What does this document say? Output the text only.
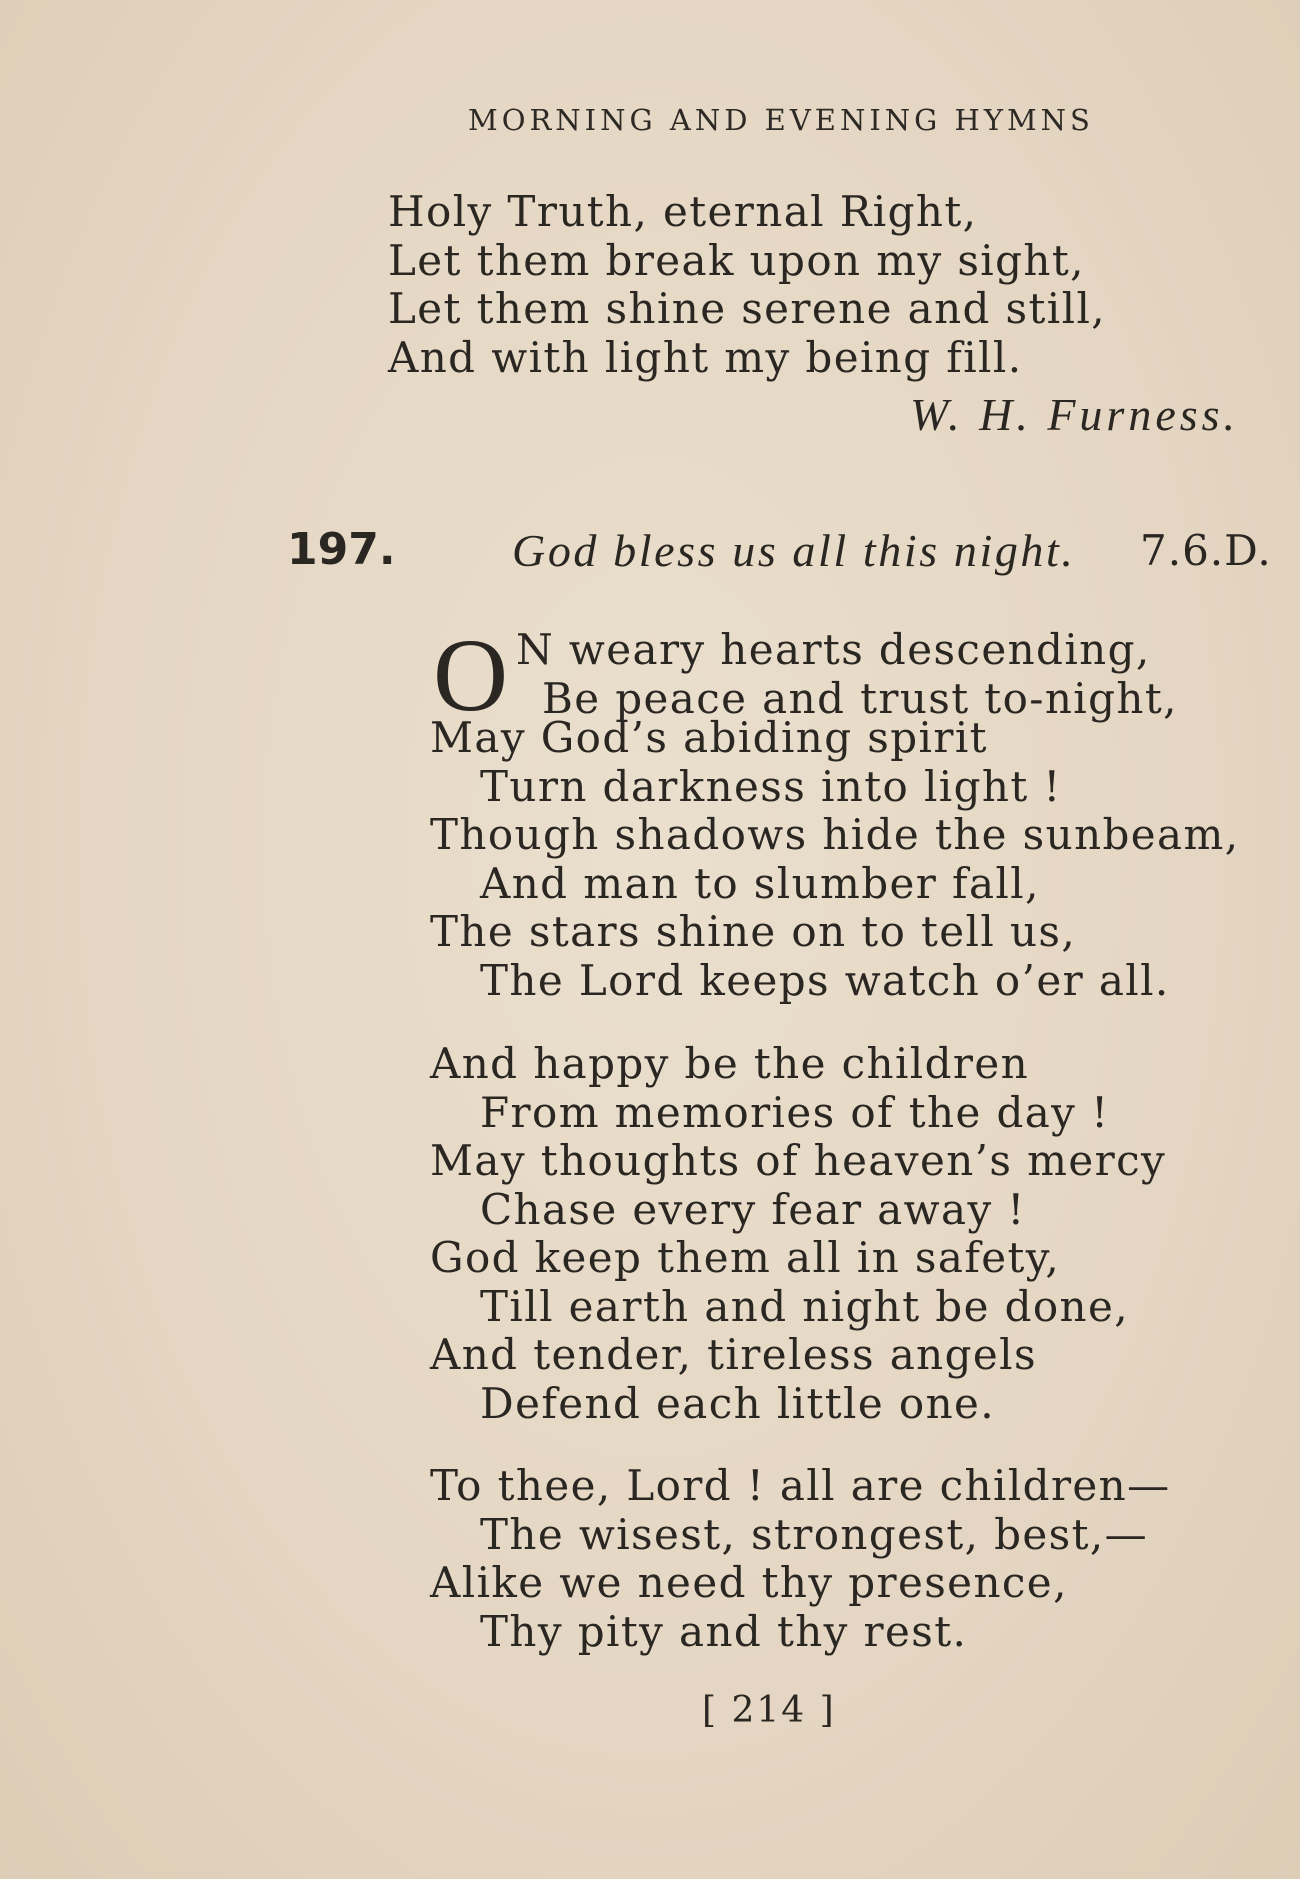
MORNING AND EVENING HYMNS
Holy Truth, eternal Right,
Let them break upon my sight,
Let them shine serene and still,
And with light my being fill.
W. H. Furness.
197.	God bless us all this night. 7.6.D.
O N weary hearts descending,
Be peace and trust to-night,
May God’s abiding spirit
Turn darkness into light !
Though shadows hide the sunbeam,
And man to slumber fall,
The stars shine on to tell us,
The Lord keeps watch o’er all.
And happy be the children
From memories of the day !
May thoughts of heaven’s mercy
Chase every fear away !
God keep them all in safety,
Till earth and night be done,
And tender, tireless angels
Defend each little one.
To thee, Lord ! all are children—
The wisest, strongest, best,—
Alike we need thy presence,
Thy pity and thy rest.
[ 214 ]
